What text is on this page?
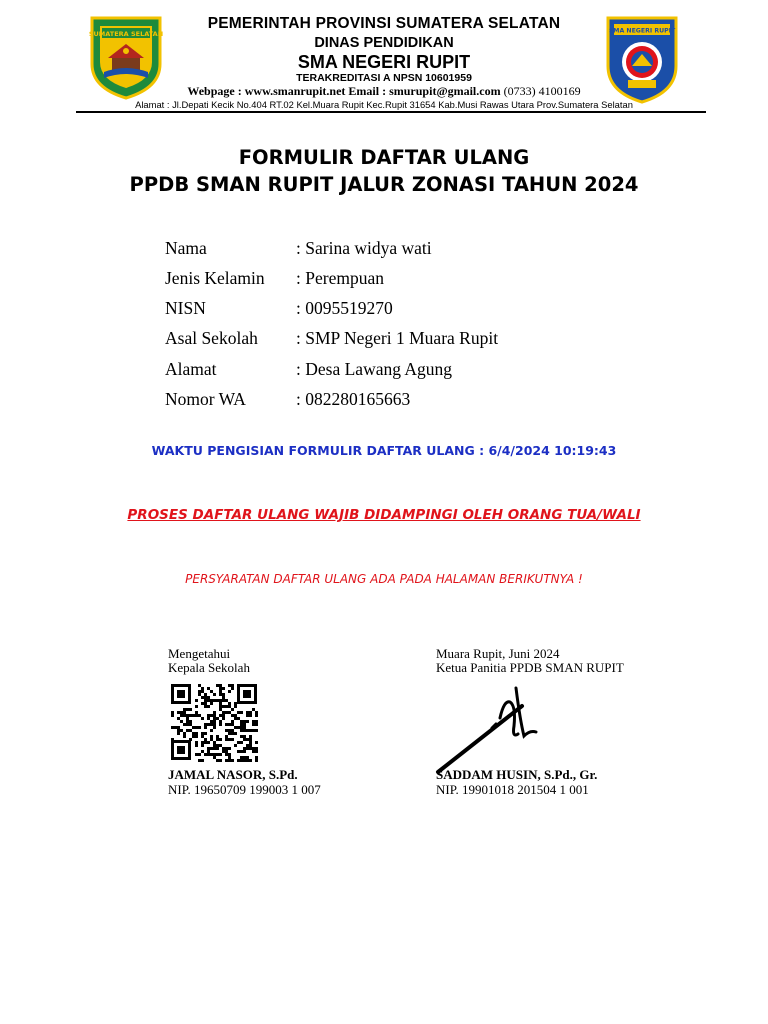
SUMATERA SELATAN	SMA NEGERI RUPIT
PEMERINTAH PROVINSI SUMATERA SELATAN
DINAS PENDIDIKAN
SMA NEGERI RUPIT
TERAKREDITASI A NPSN 10601959
Webpage : www.smanrupit.net Email : smurupit@gmail.com (0733) 4100169
Alamat : Jl.Depati Kecik No.404 RT.02 Kel.Muara Rupit Kec.Rupit 31654 Kab.Musi Rawas Utara Prov.Sumatera Selatan
FORMULIR DAFTAR ULANG
PPDB SMAN RUPIT JALUR ZONASI TAHUN 2024
Nama	: Sarina widya wati
Jenis Kelamin	: Perempuan
NISN	: 0095519270
Asal Sekolah	: SMP Negeri 1 Muara Rupit
Alamat	: Desa Lawang Agung
Nomor WA	: 082280165663
WAKTU PENGISIAN FORMULIR DAFTAR ULANG : 6/4/2024 10:19:43
PROSES DAFTAR ULANG WAJIB DIDAMPINGI OLEH ORANG TUA/WALI
PERSYARATAN DAFTAR ULANG ADA PADA HALAMAN BERIKUTNYA !
Mengetahui
Kepala Sekolah
JAMAL NASOR, S.Pd.
NIP. 19650709 199003 1 007
Muara Rupit, Juni 2024
Ketua Panitia PPDB SMAN RUPIT
SADDAM HUSIN, S.Pd., Gr.
NIP. 19901018 201504 1 001
